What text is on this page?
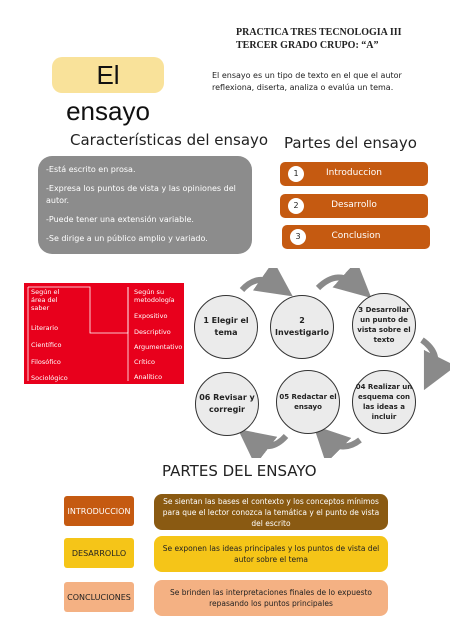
PRACTICA TRES TECNOLOGIA III
TERCER GRADO CRUPO: “A”
El ensayo
El ensayo es un tipo de texto en el que el autor reflexiona, diserta, analiza o evalúa un tema.
Características del ensayo

-Está escrito en prosa.

-Expresa los puntos de vista y las opiniones del autor.

-Puede tener una extensión variable.

-Se dirige a un público amplio y variado.

Partes del ensayo
1	Introduccion
2	Desarrollo
3	Conclusion
Según el área del saber
Literario
Científico
Filosófico
Sociológico
Según su metodología
Expositivo
Descriptivo
Argumentativo
Crítico
Analítico
1 Elegir el tema
2 Investigarlo
3 Desarrollar un punto de vista sobre el texto
04 Realizar un esquema con las ideas a incluir
05 Redactar el ensayo
06 Revisar y corregir
PARTES DEL ENSAYO
INTRODUCCION
Se sientan las bases el contexto y los conceptos mínimos para que el lector conozca la temática y el punto de vista del escrito
DESARROLLO	Se exponen las ideas principales y los puntos de vista del autor sobre el tema
CONCLUCIONES	Se brinden las interpretaciones finales de lo expuesto repasando los puntos principales
